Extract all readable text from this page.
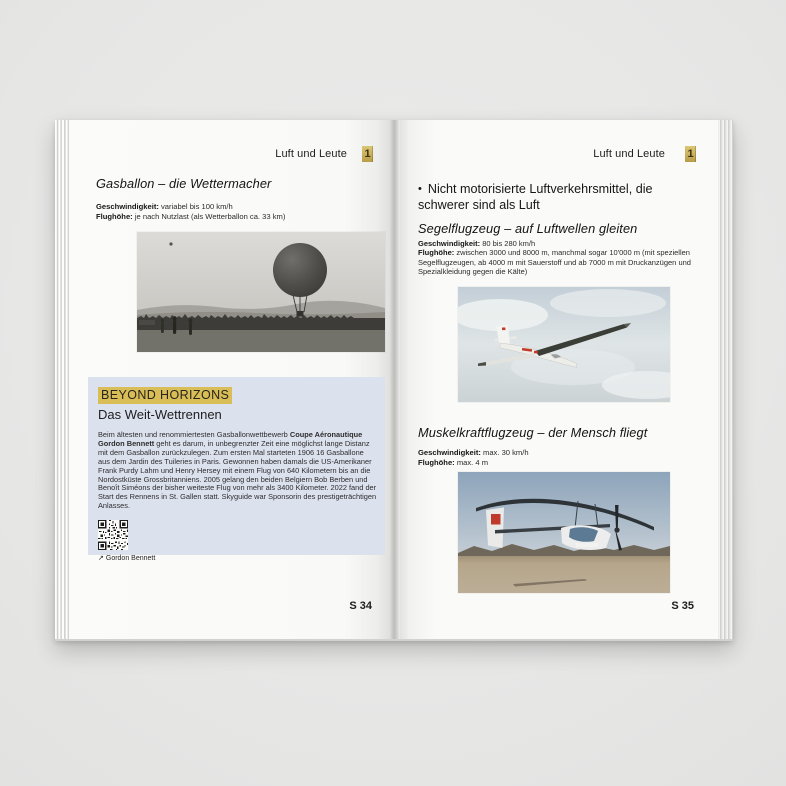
Luft und Leute 1
Gasballon – die Wettermacher
Geschwindigkeit: variabel bis 100 km/h
Flughöhe: je nach Nutzlast (als Wetterballon ca. 33 km)
BEYOND HORIZONS
Das Weit-Wettrennen

Beim ältesten und renommiertesten Gasballonwettbewerb Coupe Aéronautique Gordon Bennett geht es darum, in unbegrenzter Zeit eine möglichst lange Distanz mit dem Gasballon zurückzulegen. Zum ersten Mal starteten 1906 16 Gasballone aus dem Jardin des Tuileries in Paris. Gewonnen haben damals die US-Amerikaner Frank Purdy Lahm und Henry Hersey mit einem Flug von 640 Kilometern bis an die Nordostküste Grossbritanniens. 2005 gelang den beiden Belgiern Bob Berben und Benoît Siméons der bisher weiteste Flug von mehr als 3400 Kilometer. 2022 fand der Start des Rennens in St. Gallen statt. Skyguide war Sponsorin des prestigeträchtigen Anlasses.

↗ Gordon Bennett
S 34
Luft und Leute 1
• Nicht motorisierte Luftverkehrsmittel, die schwerer sind als Luft
Segelflugzeug – auf Luftwellen gleiten
Geschwindigkeit: 80 bis 280 km/h
Flughöhe: zwischen 3000 und 8000 m, manchmal sogar 10'000 m (mit speziellen Segelflugzeugen, ab 4000 m mit Sauerstoff und ab 7000 m mit Druckanzügen und Spezialkleidung gegen die Kälte)
Muskelkraftflugzeug – der Mensch fliegt
Geschwindigkeit: max. 30 km/h
Flughöhe: max. 4 m
S 35
